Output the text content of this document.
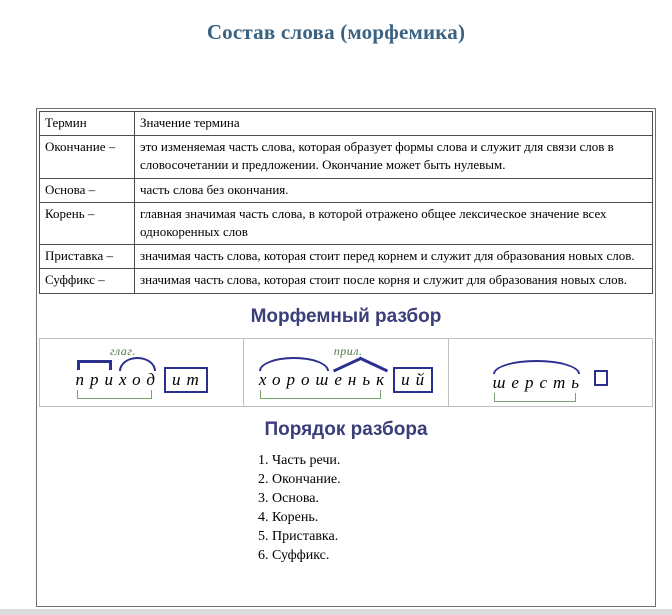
Состав слова (морфемика)
Термин	Значение термина
Окончание –	это изменяемая часть слова, которая образует формы слова и служит для связи слов в словосочетании и предложении. Окончание может быть нулевым.
Основа –	часть слова без окончания.
Корень –	главная значимая часть слова, в которой отражено общее лексическое значение всех однокоренных слов
Приставка –	значимая часть слова, которая стоит перед корнем и служит для образования новых слов.
Суффикс –	значимая часть слова, которая стоит после корня и служит для образования новых слов.
Морфемный разбор
глаг.
приход ит
прил.
хорошеньк ий	шерсть
Порядок разбора
1. Часть речи.
2. Окончание.
3. Основа.
4. Корень.
5. Приставка.
6. Суффикс.
